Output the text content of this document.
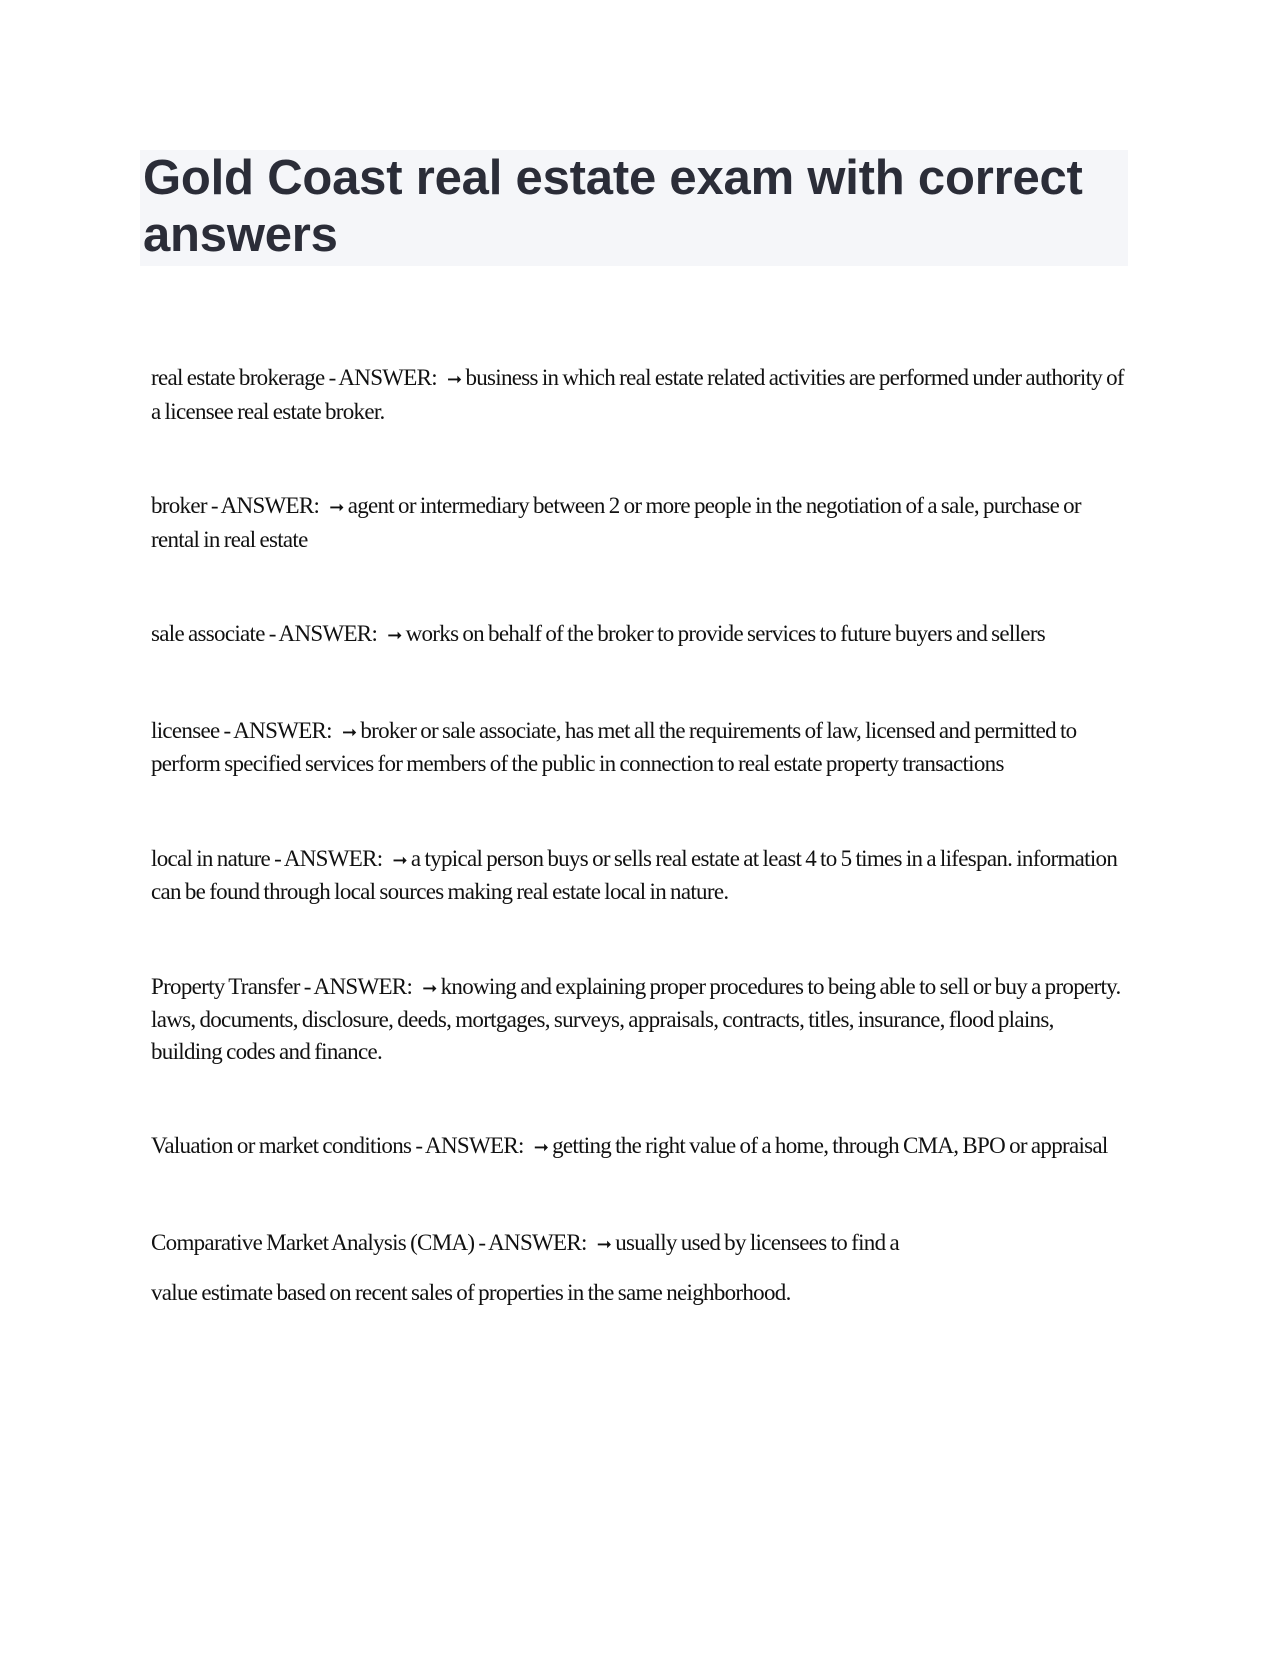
Gold Coast real estate exam with correct answers

real estate brokerage - ANSWER: ➞ business in which real estate related activities are performed under authority of a licensee real estate broker.

broker - ANSWER: ➞ agent or intermediary between 2 or more people in the negotiation of a sale, purchase or rental in real estate

sale associate - ANSWER: ➞ works on behalf of the broker to provide services to future buyers and sellers

licensee - ANSWER: ➞ broker or sale associate, has met all the requirements of law, licensed and permitted to perform specified services for members of the public in connection to real estate property transactions

local in nature - ANSWER: ➞ a typical person buys or sells real estate at least 4 to 5 times in a lifespan. information can be found through local sources making real estate local in nature.

Property Transfer - ANSWER: ➞ knowing and explaining proper procedures to being able to sell or buy a property. laws, documents, disclosure, deeds, mortgages, surveys, appraisals, contracts, titles, insurance, flood plains, building codes and finance.

Valuation or market conditions - ANSWER: ➞ getting the right value of a home, through CMA, BPO or appraisal

Comparative Market Analysis (CMA) - ANSWER: ➞ usually used by licensees to find a
value estimate based on recent sales of properties in the same neighborhood.
